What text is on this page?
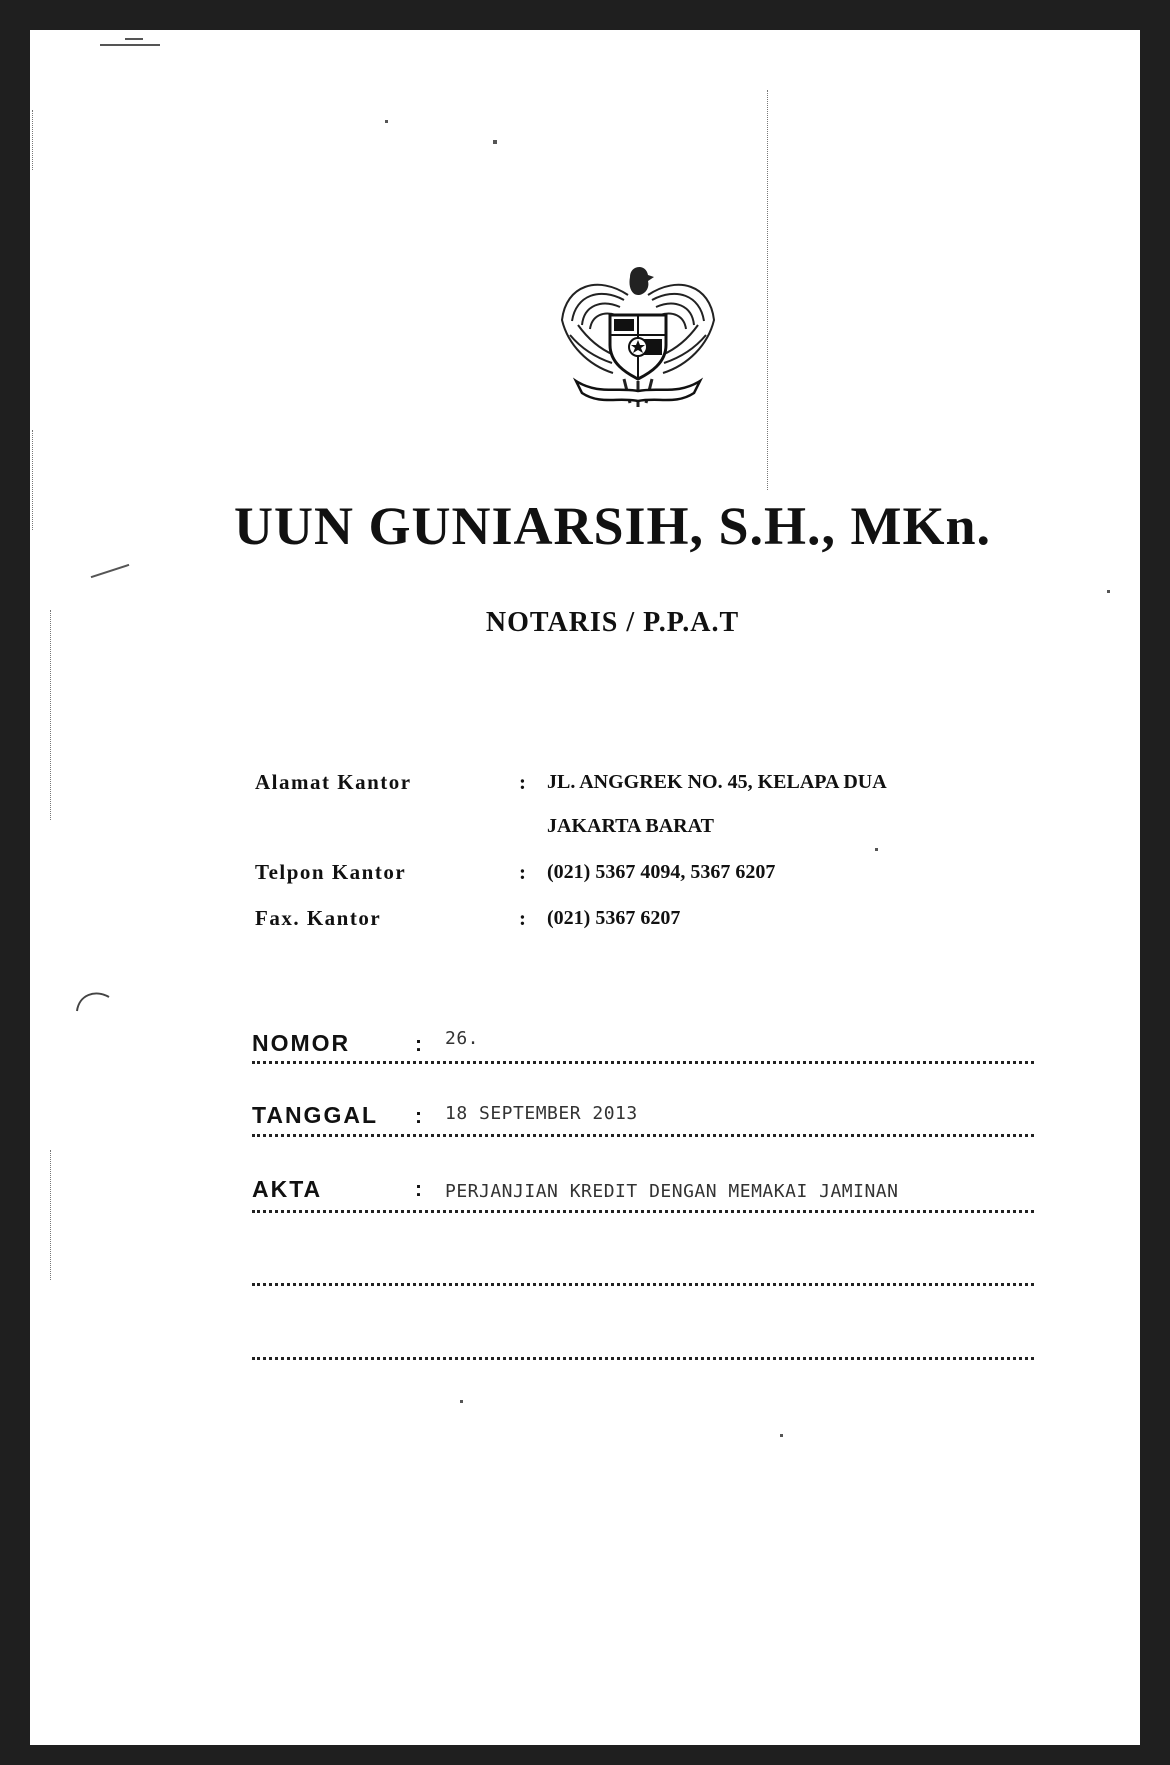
UUN GUNIARSIH, S.H., MKn.
NOTARIS / P.P.A.T
Alamat Kantor	: JL. ANGGREK NO. 45, KELAPA DUA
JAKARTA BARAT
Telpon Kantor	: (021) 5367 4094, 5367 6207
Fax. Kantor	: (021) 5367 6207
NOMOR	: 26.
TANGGAL : 18 SEPTEMBER 2013
AKTA	: PERJANJIAN KREDIT DENGAN MEMAKAI JAMINAN
